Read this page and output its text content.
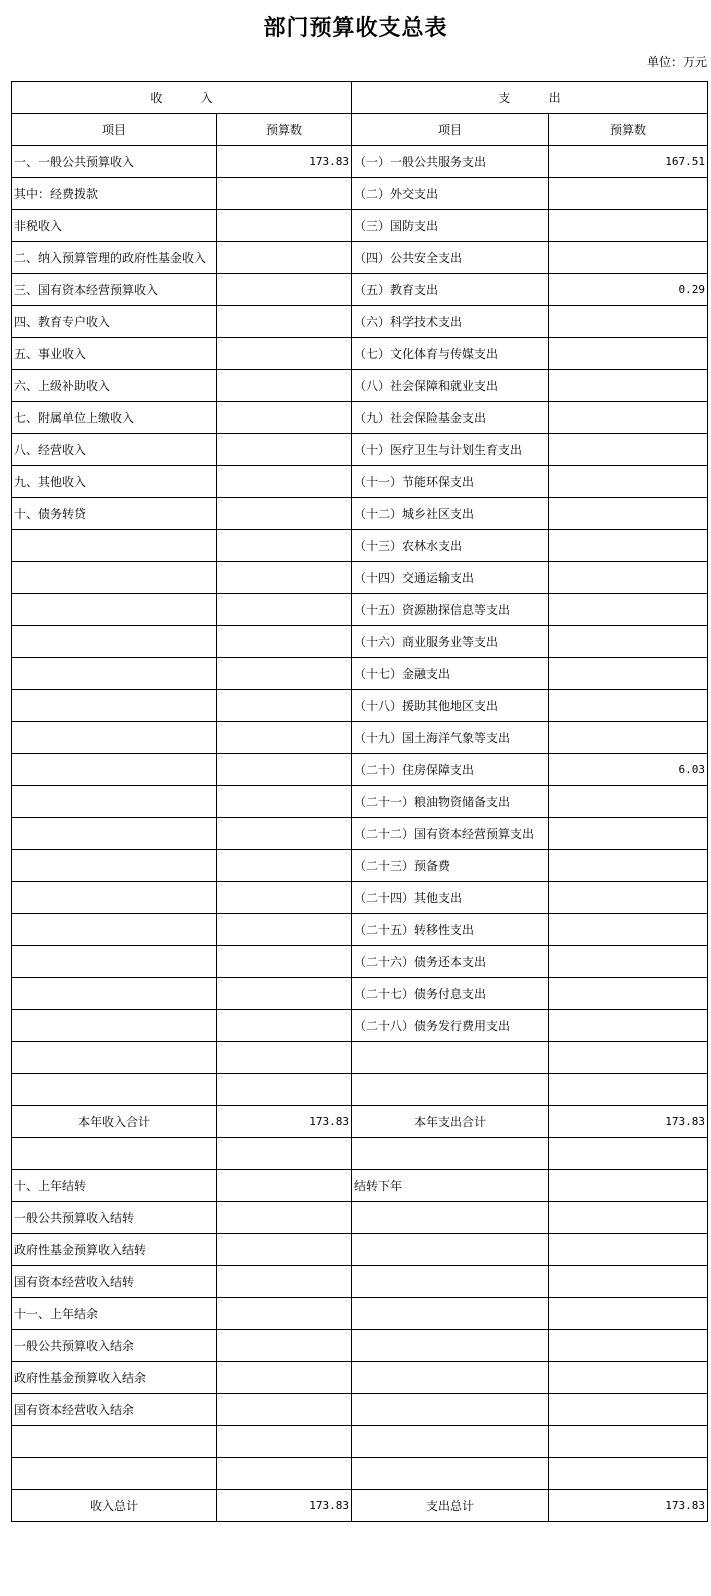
部门预算收支总表
单位：万元
收          入		支          出	
项目	预算数	项目	预算数
一、一般公共预算收入	173.83	（一）一般公共服务支出	167.51
其中：经费拨款		（二）外交支出	
非税收入		（三）国防支出	
二、纳入预算管理的政府性基金收入		（四）公共安全支出	
三、国有资本经营预算收入		（五）教育支出	0.29
四、教育专户收入		（六）科学技术支出	
五、事业收入		（七）文化体育与传媒支出	
六、上级补助收入		（八）社会保障和就业支出	
七、附属单位上缴收入		（九）社会保险基金支出	
八、经营收入		（十）医疗卫生与计划生育支出	
九、其他收入		（十一）节能环保支出	
十、债务转贷		（十二）城乡社区支出	
		（十三）农林水支出	
		（十四）交通运输支出	
		（十五）资源勘探信息等支出	
		（十六）商业服务业等支出	
		（十七）金融支出	
		（十八）援助其他地区支出	
		（十九）国土海洋气象等支出	
		（二十）住房保障支出	6.03
		（二十一）粮油物资储备支出	
		（二十二）国有资本经营预算支出	
		（二十三）预备费	
		（二十四）其他支出	
		（二十五）转移性支出	
		（二十六）债务还本支出	
		（二十七）债务付息支出	
		（二十八）债务发行费用支出	

本年收入合计	173.83	本年支出合计	173.83

十、上年结转		结转下年	
一般公共预算收入结转			
政府性基金预算收入结转			
国有资本经营收入结转			
十一、上年结余			
一般公共预算收入结余			
政府性基金预算收入结余			
国有资本经营收入结余			

收入总计	173.83	支出总计	173.83
